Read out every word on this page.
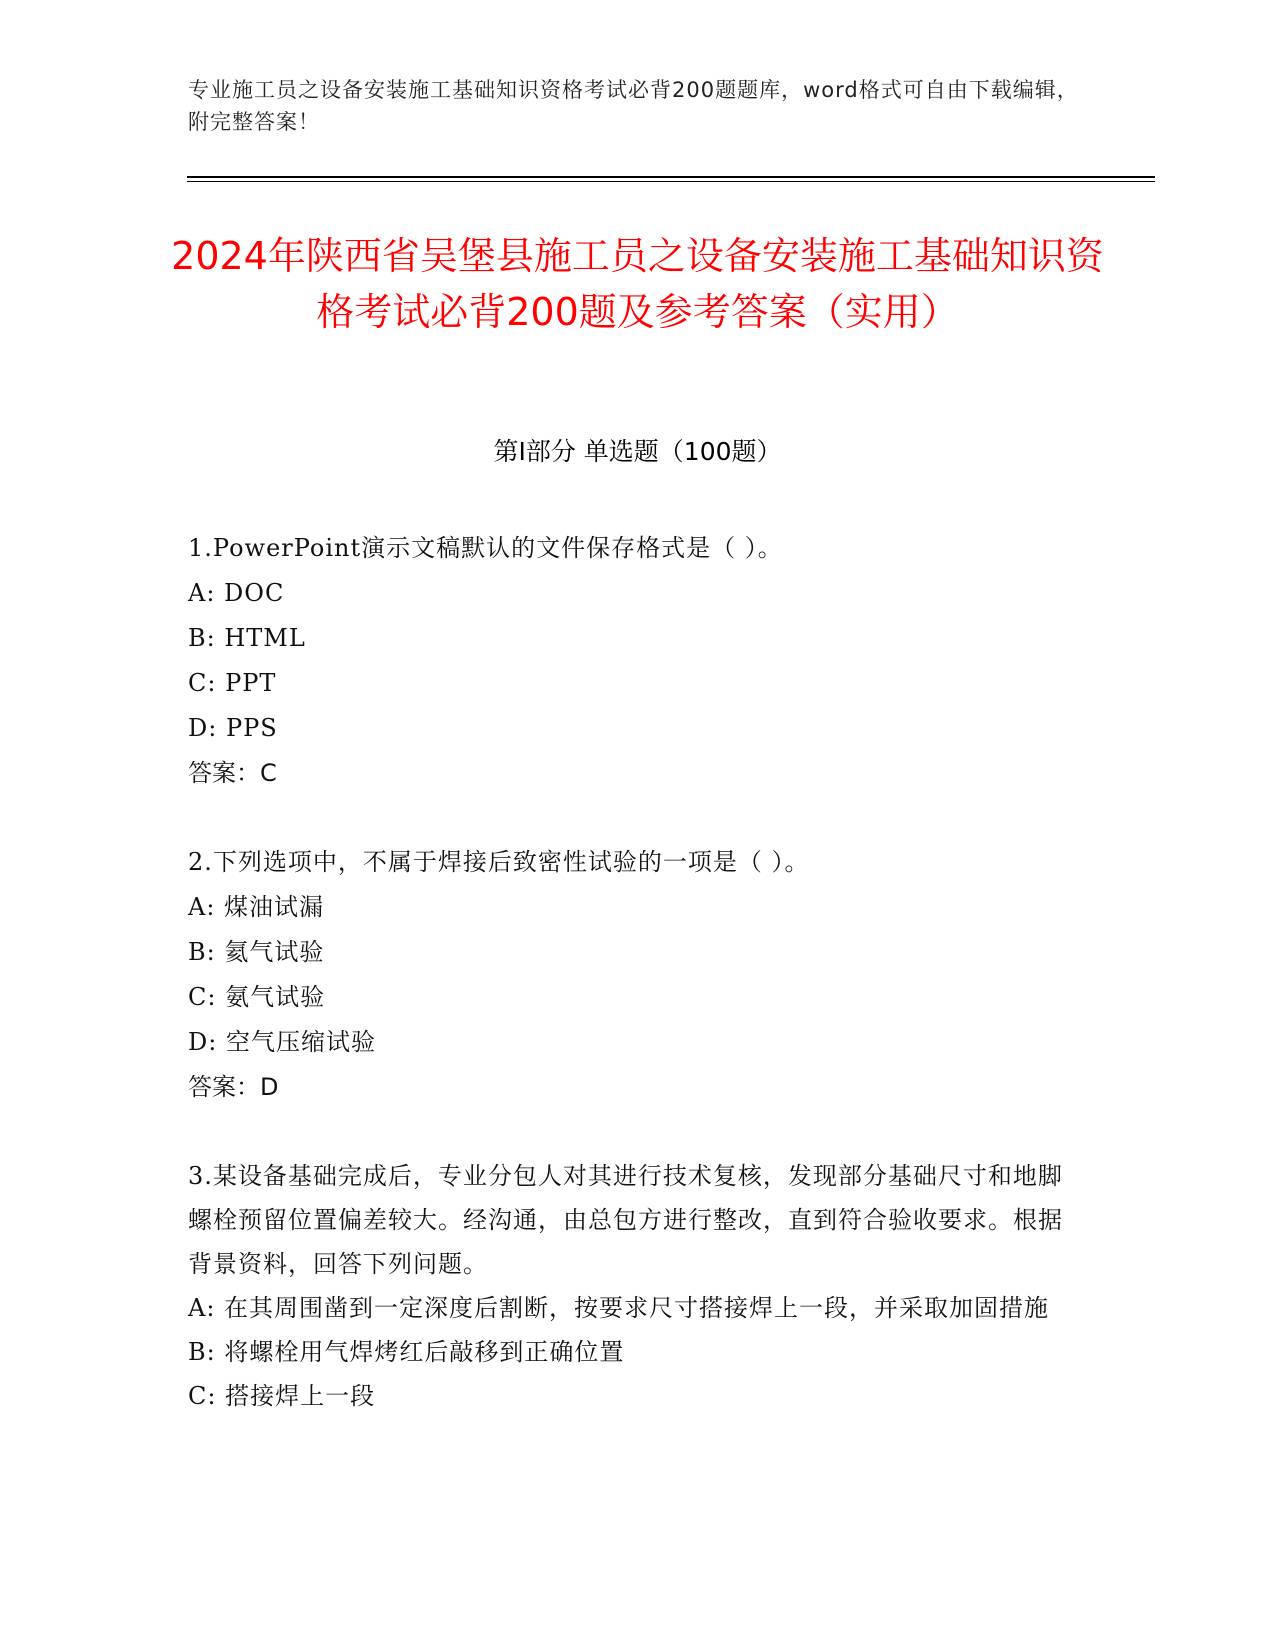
专业施工员之设备安装施工基础知识资格考试必背200题题库，word格式可自由下载编辑，附完整答案！
2024年陕西省吴堡县施工员之设备安装施工基础知识资格考试必背200题及参考答案（实用）
第Ⅰ部分 单选题（100题）
1.PowerPoint演示文稿默认的文件保存格式是（ ）。
A: DOC
B: HTML
C: PPT
D: PPS
答案：C
2.下列选项中，不属于焊接后致密性试验的一项是（ ）。
A: 煤油试漏
B: 氦气试验
C: 氨气试验
D: 空气压缩试验
答案：D
3.某设备基础完成后，专业分包人对其进行技术复核，发现部分基础尺寸和地脚螺栓预留位置偏差较大。经沟通，由总包方进行整改，直到符合验收要求。根据背景资料，回答下列问题。
A: 在其周围凿到一定深度后割断，按要求尺寸搭接焊上一段，并采取加固措施
B: 将螺栓用气焊烤红后敲移到正确位置
C: 搭接焊上一段
